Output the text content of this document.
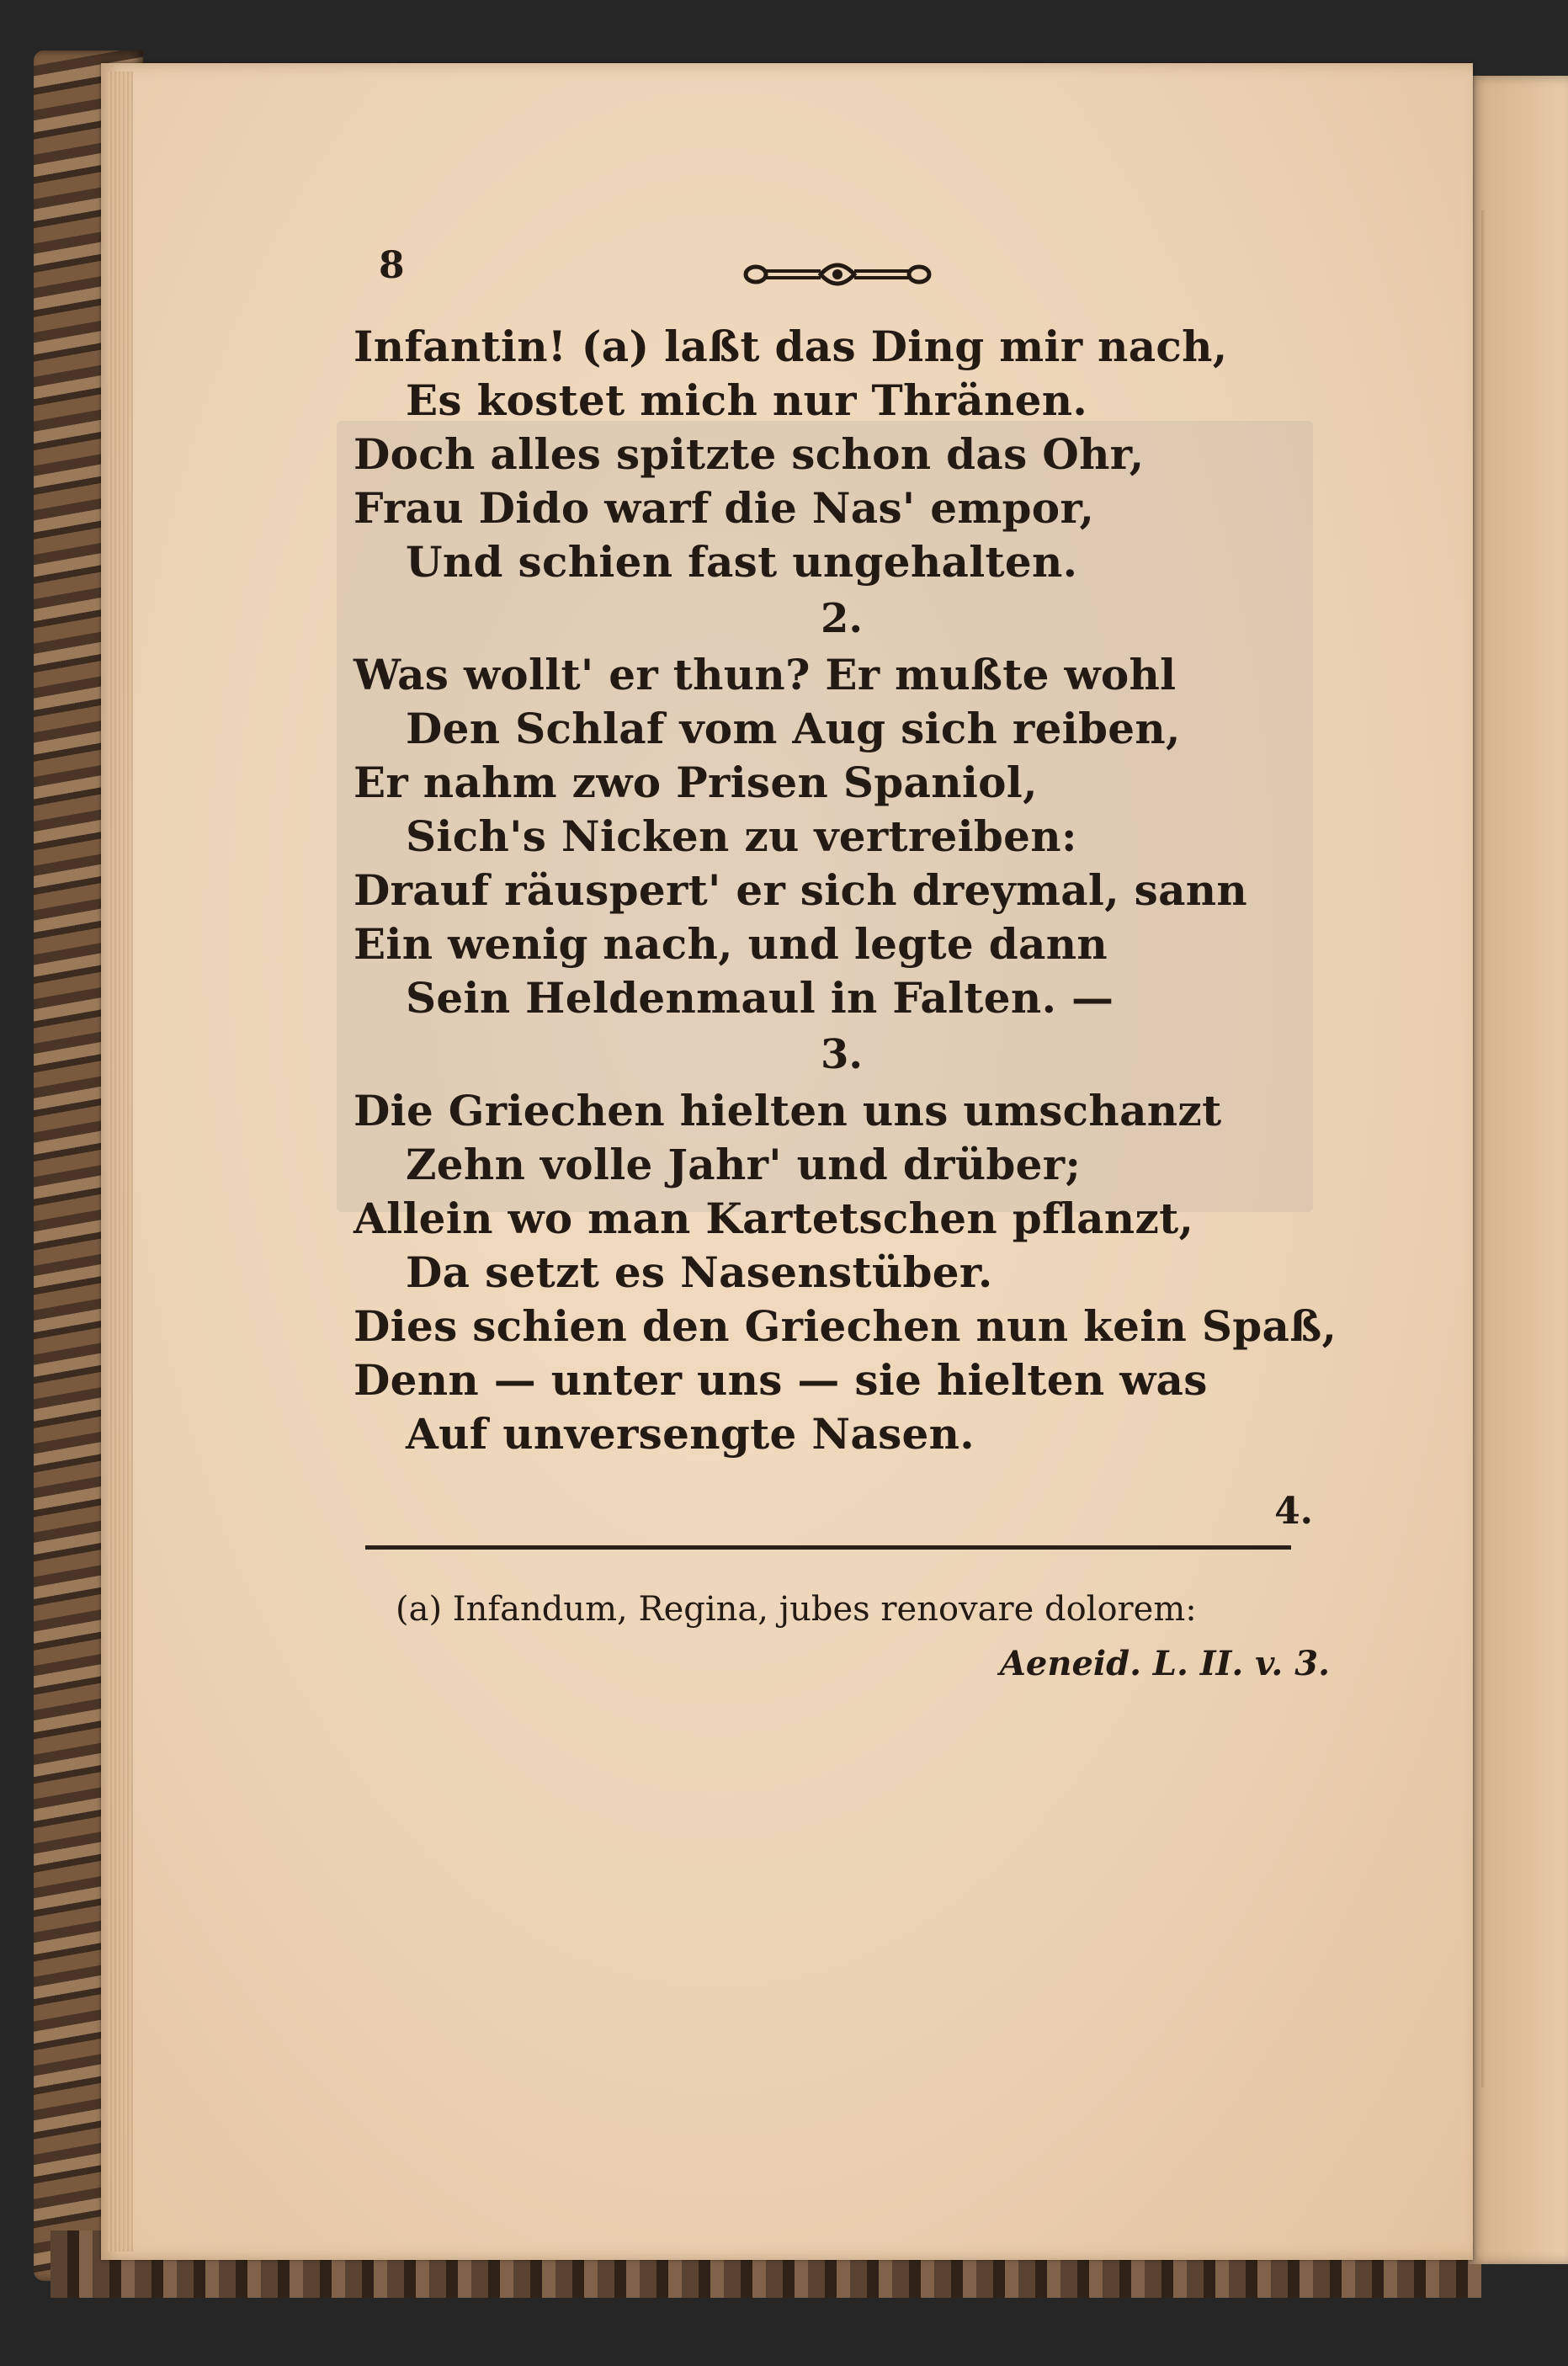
8
Infantin! (a) laßt das Ding mir nach,
Es kostet mich nur Thränen.
Doch alles spitzte schon das Ohr,
Frau Dido warf die Nas' empor,
Und schien fast ungehalten.
2.
Was wollt' er thun? Er mußte wohl
Den Schlaf vom Aug sich reiben,
Er nahm zwo Prisen Spaniol,
Sich's Nicken zu vertreiben:
Drauf räuspert' er sich dreymal, sann
Ein wenig nach, und legte dann
Sein Heldenmaul in Falten. —
3.
Die Griechen hielten uns umschanzt
Zehn volle Jahr' und drüber;
Allein wo man Kartetschen pflanzt,
Da setzt es Nasenstüber.
Dies schien den Griechen nun kein Spaß,
Denn — unter uns — sie hielten was
Auf unversengte Nasen.
4.
(a) Infandum, Regina, jubes renovare dolorem:
Aeneid. L. II. v. 3.
